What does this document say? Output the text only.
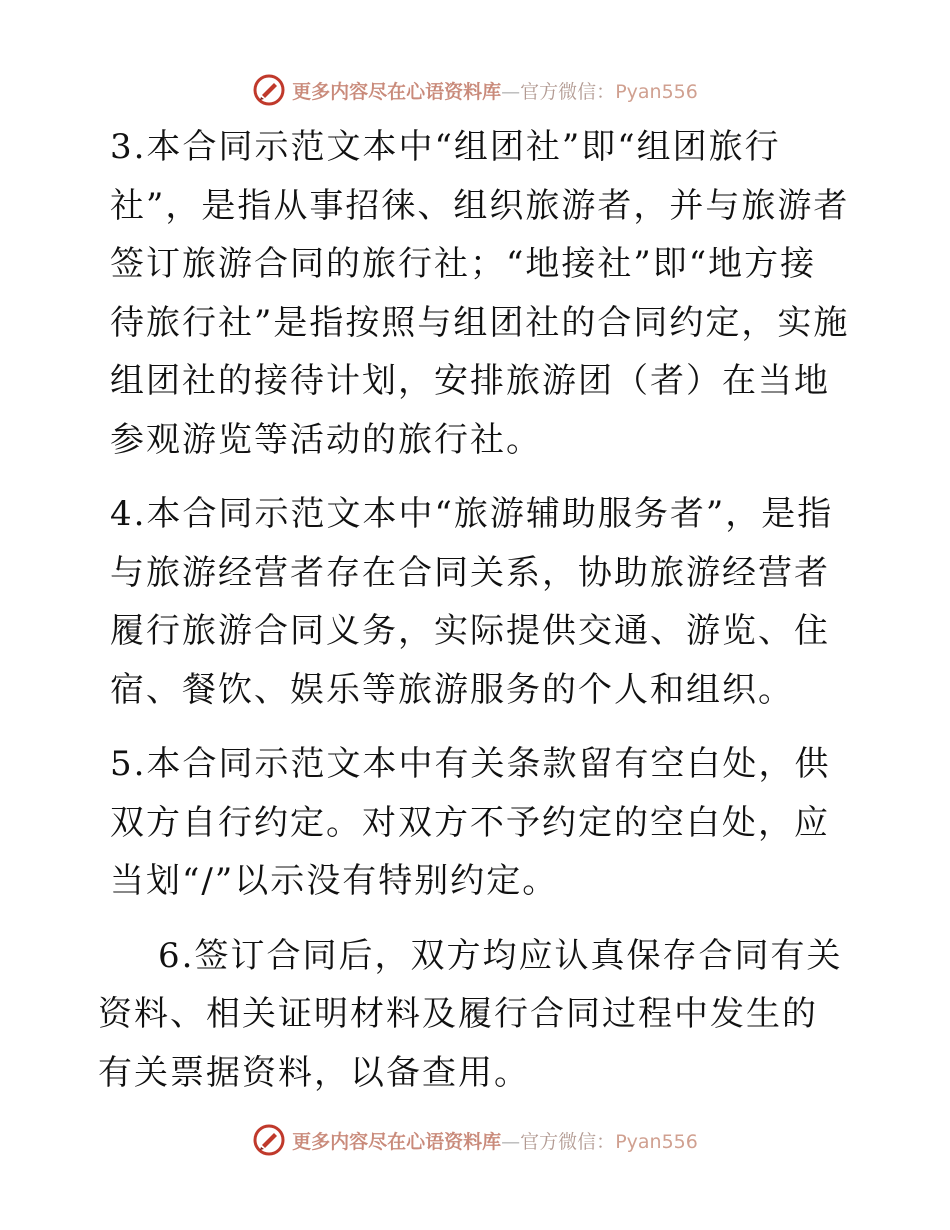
更多内容尽在心语资料库—官方微信：Pyan556

3.本合同示范文本中“组团社”即“组团旅行社”，是指从事招徕、组织旅游者，并与旅游者签订旅游合同的旅行社；“地接社”即“地方接待旅行社”是指按照与组团社的合同约定，实施组团社的接待计划，安排旅游团（者）在当地参观游览等活动的旅行社。

4.本合同示范文本中“旅游辅助服务者”，是指与旅游经营者存在合同关系，协助旅游经营者履行旅游合同义务，实际提供交通、游览、住宿、餐饮、娱乐等旅游服务的个人和组织。

5.本合同示范文本中有关条款留有空白处，供双方自行约定。对双方不予约定的空白处，应当划“/”以示没有特别约定。

6.签订合同后，双方均应认真保存合同有关资料、相关证明材料及履行合同过程中发生的有关票据资料，以备查用。

更多内容尽在心语资料库—官方微信：Pyan556
